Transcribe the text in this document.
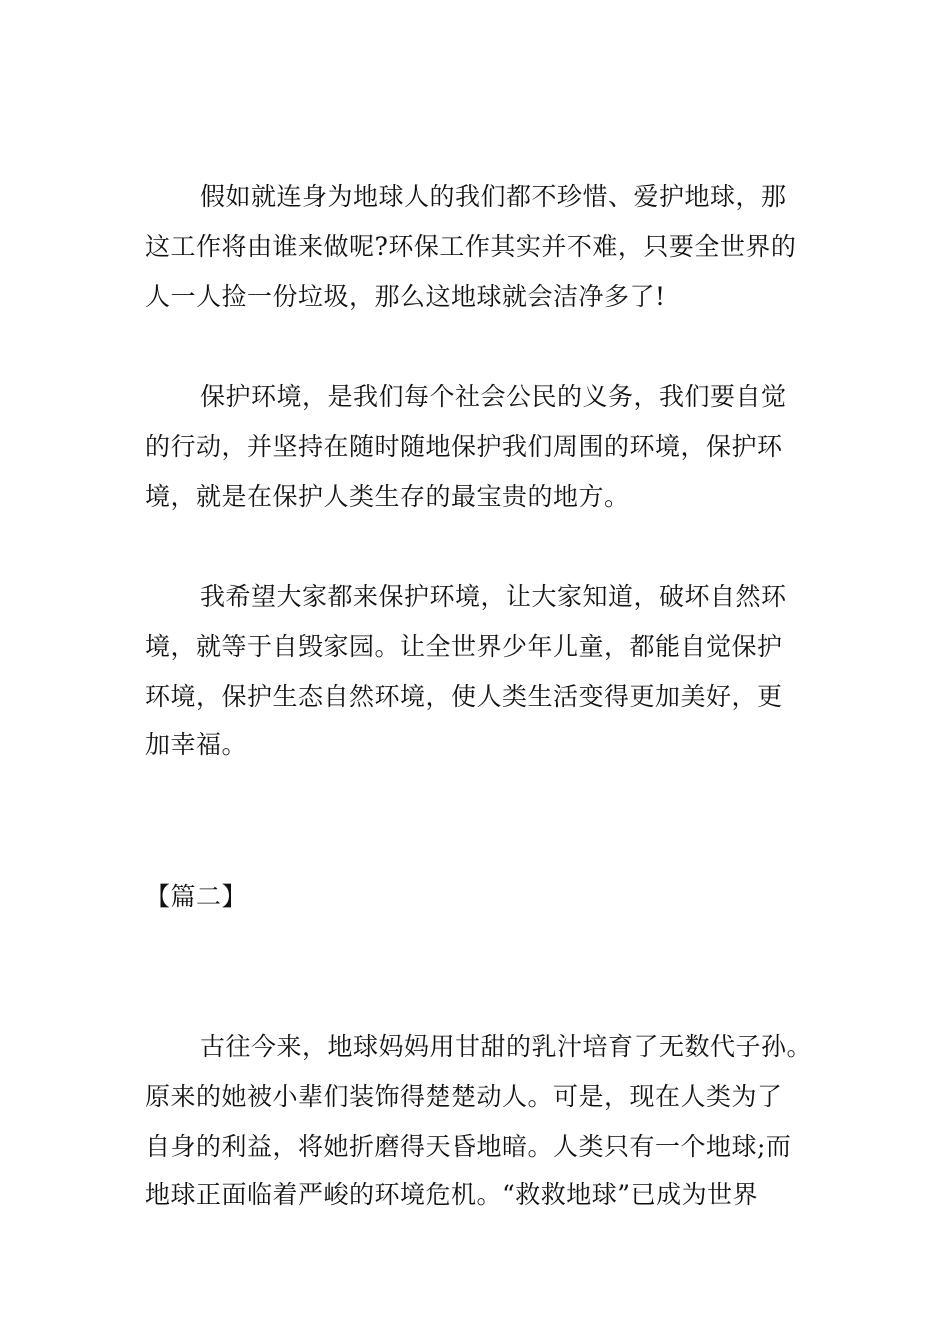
假如就连身为地球人的我们都不珍惜、爱护地球，那
这工作将由谁来做呢?环保工作其实并不难，只要全世界的
人一人捡一份垃圾，那么这地球就会洁净多了!
保护环境，是我们每个社会公民的义务，我们要自觉
的行动，并坚持在随时随地保护我们周围的环境，保护环
境，就是在保护人类生存的最宝贵的地方。
我希望大家都来保护环境，让大家知道，破坏自然环
境，就等于自毁家园。让全世界少年儿童，都能自觉保护
环境，保护生态自然环境，使人类生活变得更加美好，更
加幸福。
【篇二】
古往今来，地球妈妈用甘甜的乳汁培育了无数代子孙。
原来的她被小辈们装饰得楚楚动人。可是，现在人类为了
自身的利益，将她折磨得天昏地暗。人类只有一个地球;而
地球正面临着严峻的环境危机。“救救地球”已成为世界
